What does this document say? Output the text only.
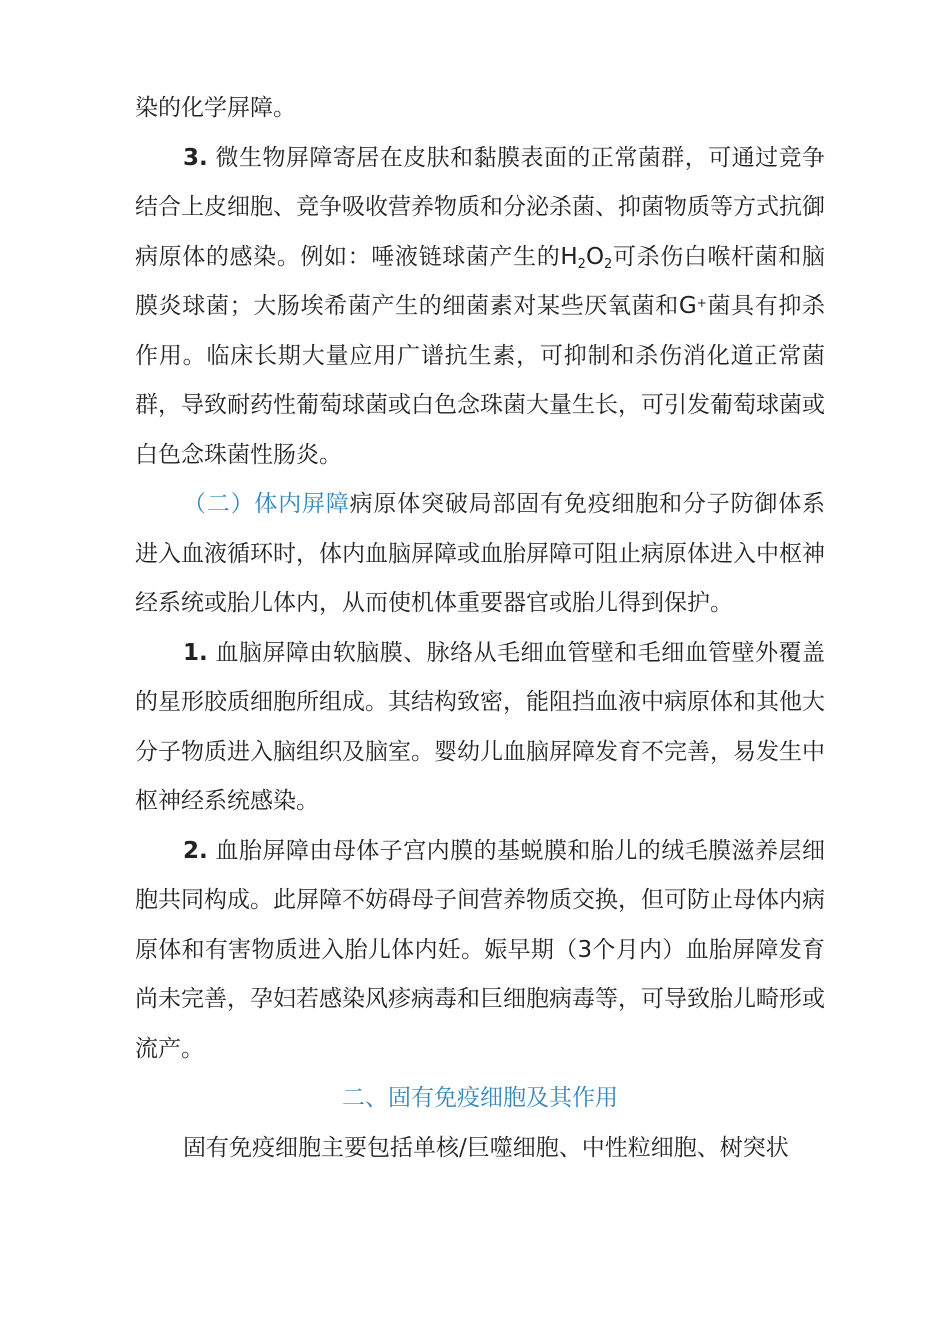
染的化学屏障。

3. 微生物屏障寄居在皮肤和黏膜表面的正常菌群，可通过竞争结合上皮细胞、竞争吸收营养物质和分泌杀菌、抑菌物质等方式抗御病原体的感染。例如：唾液链球菌产生的$H_2O_2$可杀伤白喉杆菌和脑膜炎球菌；大肠埃希菌产生的细菌素对某些厌氧菌和G+菌具有抑杀作用。临床长期大量应用广谱抗生素，可抑制和杀伤消化道正常菌群，导致耐药性葡萄球菌或白色念珠菌大量生长，可引发葡萄球菌或白色念珠菌性肠炎。

（二）体内屏障病原体突破局部固有免疫细胞和分子防御体系进入血液循环时，体内血脑屏障或血胎屏障可阻止病原体进入中枢神经系统或胎儿体内，从而使机体重要器官或胎儿得到保护。

1. 血脑屏障由软脑膜、脉络从毛细血管壁和毛细血管壁外覆盖的星形胶质细胞所组成。其结构致密，能阻挡血液中病原体和其他大分子物质进入脑组织及脑室。婴幼儿血脑屏障发育不完善，易发生中枢神经系统感染。

2. 血胎屏障由母体子宫内膜的基蜕膜和胎儿的绒毛膜滋养层细胞共同构成。此屏障不妨碍母子间营养物质交换，但可防止母体内病原体和有害物质进入胎儿体内妊。娠早期（3个月内）血胎屏障发育尚未完善，孕妇若感染风疹病毒和巨细胞病毒等，可导致胎儿畸形或流产。

二、固有免疫细胞及其作用

固有免疫细胞主要包括单核/巨噬细胞、中性粒细胞、树突状
